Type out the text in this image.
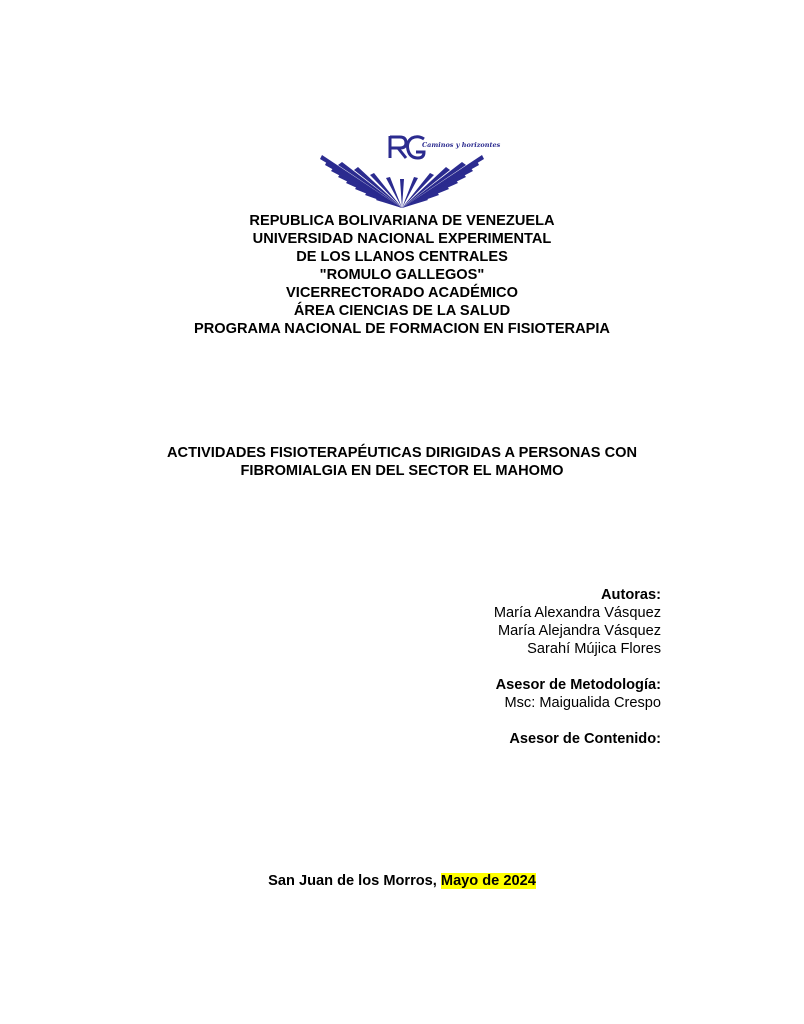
Caminos y horizontes
REPUBLICA BOLIVARIANA DE VENEZUELA
UNIVERSIDAD NACIONAL EXPERIMENTAL
DE LOS LLANOS CENTRALES
"ROMULO GALLEGOS"
VICERRECTORADO ACADÉMICO
ÁREA CIENCIAS DE LA SALUD
PROGRAMA NACIONAL DE FORMACION EN FISIOTERAPIA
ACTIVIDADES FISIOTERAPÉUTICAS DIRIGIDAS A PERSONAS CON
FIBROMIALGIA EN DEL SECTOR EL MAHOMO
Autoras:
María Alexandra Vásquez
María Alejandra Vásquez
Sarahí Mújica Flores
Asesor de Metodología:
Msc: Maigualida Crespo
Asesor de Contenido:
San Juan de los Morros, Mayo de 2024
